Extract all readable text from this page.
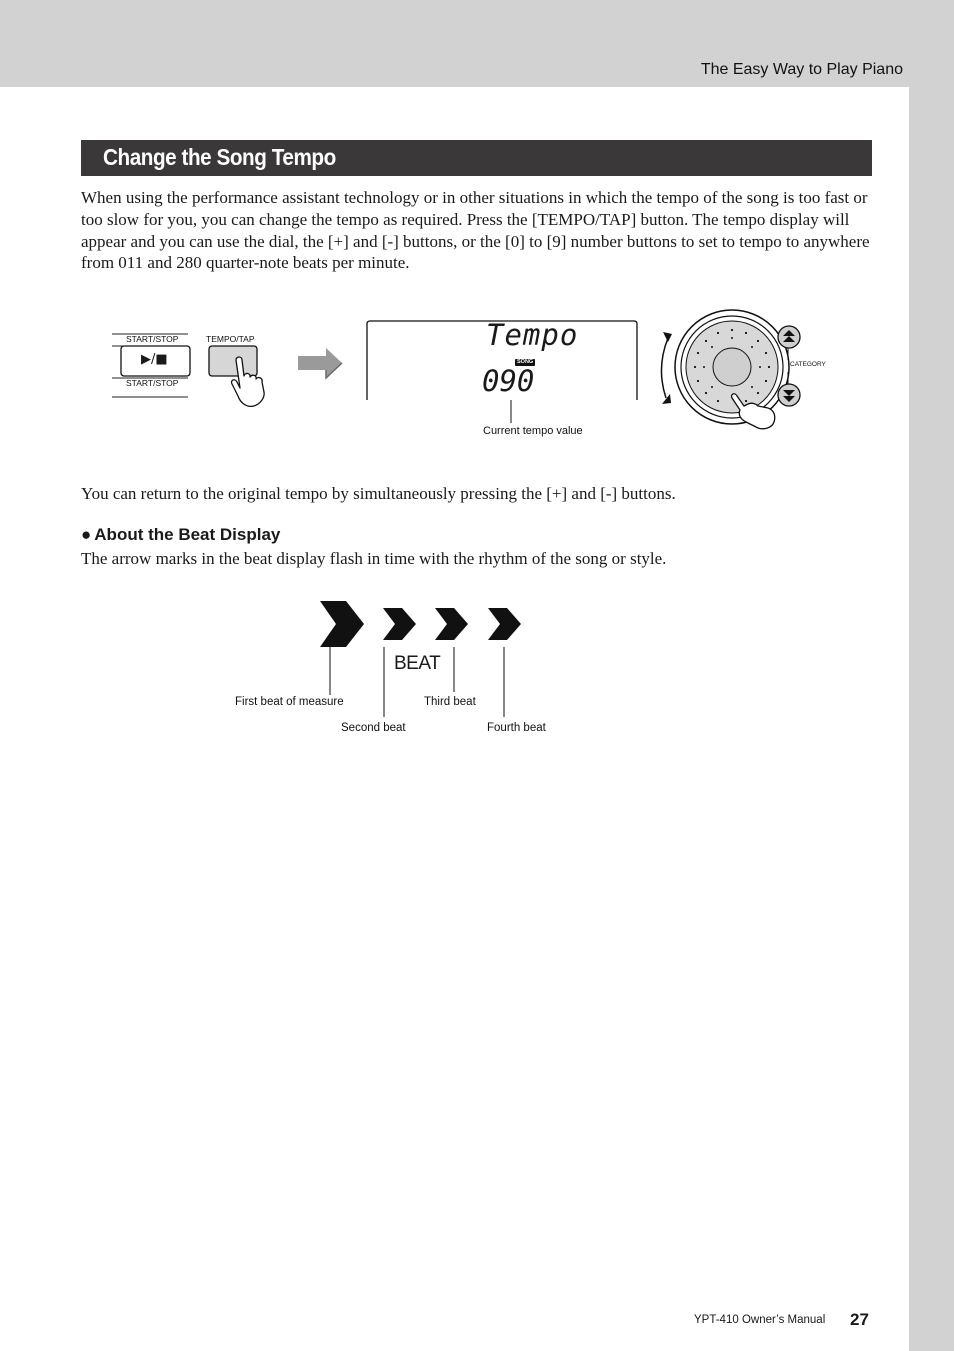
The Easy Way to Play Piano
Change the Song Tempo

When using the performance assistant technology or in other situations in which the tempo of the song is too fast or too slow for you, you can change the tempo as required. Press the [TEMPO/TAP] button. The tempo display will appear and you can use the dial, the [+] and [-] buttons, or the [0] to [9] number buttons to set to tempo to anywhere from 011 and 280 quarter-note beats per minute.

START/STOP
START/STOP
▶/■
TEMPO/TAP	Tempo
SONG
090
Current tempo value
CATEGORY

You can return to the original tempo by simultaneously pressing the [+] and [-] buttons.

● About the Beat Display

The arrow marks in the beat display flash in time with the rhythm of the song or style.

BEAT
First beat of measure
Second beat
Third beat
Fourth beat
YPT-410 Owner’s Manual 27
